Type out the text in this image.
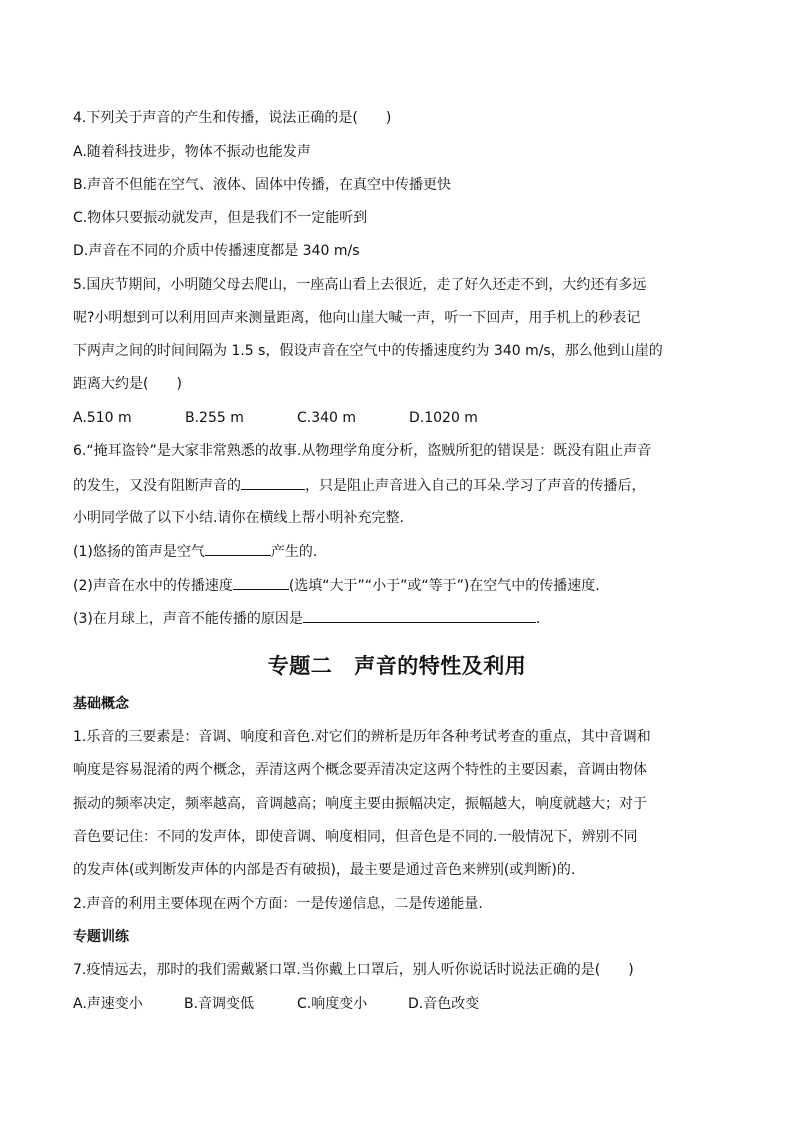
4.下列关于声音的产生和传播，说法正确的是(　　)
A.随着科技进步，物体不振动也能发声
B.声音不但能在空气、液体、固体中传播，在真空中传播更快
C.物体只要振动就发声，但是我们不一定能听到
D.声音在不同的介质中传播速度都是 340 m/s
5.国庆节期间，小明随父母去爬山，一座高山看上去很近，走了好久还走不到，大约还有多远
呢?小明想到可以利用回声来测量距离，他向山崖大喊一声，听一下回声，用手机上的秒表记
下两声之间的时间间隔为 1.5 s，假设声音在空气中的传播速度约为 340 m/s，那么他到山崖的
距离大约是(　　)
A.510 m	B.255 m	C.340 m	D.1020 m
6.“掩耳盗铃”是大家非常熟悉的故事.从物理学角度分析，盗贼所犯的错误是：既没有阻止声音
的发生，又没有阻断声音的	，只是阻止声音进入自己的耳朵.学习了声音的传播后，
小明同学做了以下小结.请你在横线上帮小明补充完整.
(1)悠扬的笛声是空气	产生的.
(2)声音在水中的传播速度	(选填“大于”“小于”或“等于”)在空气中的传播速度.
(3)在月球上，声音不能传播的原因是	.
专题二 声音的特性及利用
基础概念
1.乐音的三要素是：音调、响度和音色.对它们的辨析是历年各种考试考查的重点，其中音调和
响度是容易混淆的两个概念，弄清这两个概念要弄清决定这两个特性的主要因素，音调由物体
振动的频率决定，频率越高，音调越高；响度主要由振幅决定，振幅越大，响度就越大；对于
音色要记住：不同的发声体，即使音调、响度相同，但音色是不同的.一般情况下，辨别不同
的发声体(或判断发声体的内部是否有破损)，最主要是通过音色来辨别(或判断)的.
2.声音的利用主要体现在两个方面：一是传递信息，二是传递能量.
专题训练
7.疫情远去，那时的我们需戴紧口罩.当你戴上口罩后，别人听你说话时说法正确的是(　　)
A.声速变小	B.音调变低	C.响度变小	D.音色改变
